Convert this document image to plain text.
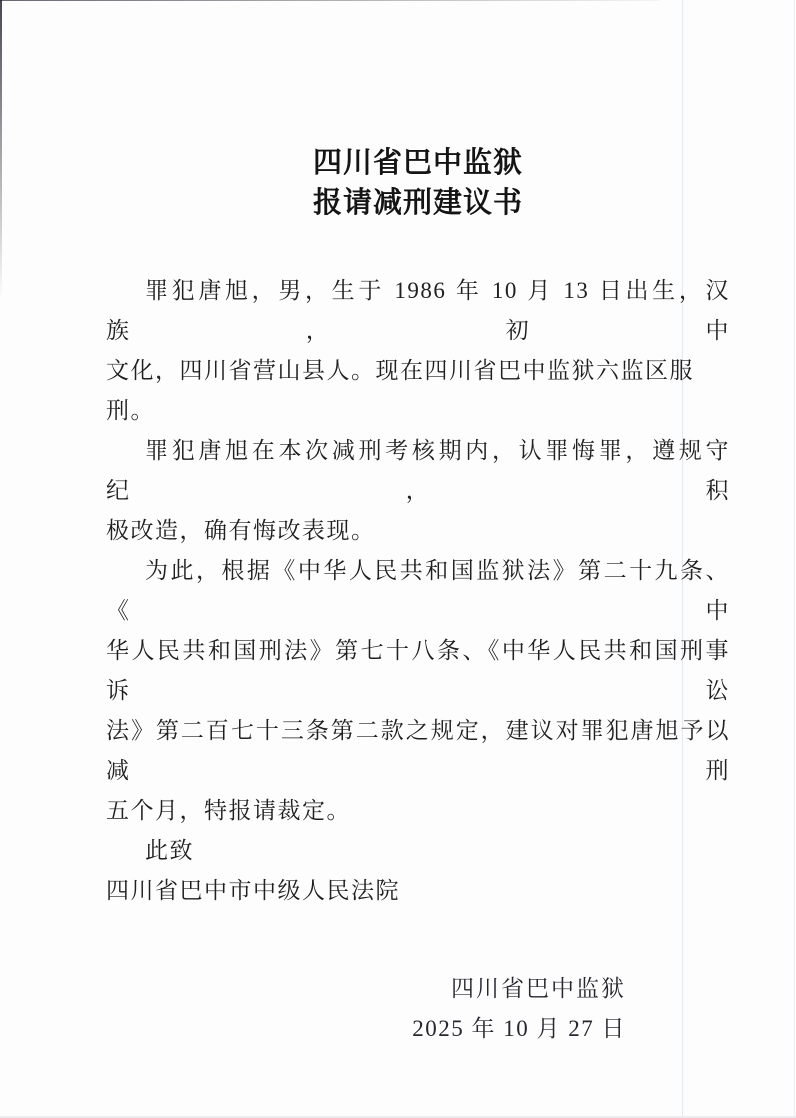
四川省巴中监狱
报请减刑建议书
罪犯唐旭，男，生于 1986 年 10 月 13 日出生，汉族，初中
文化，四川省营山县人。现在四川省巴中监狱六监区服刑。
罪犯唐旭在本次减刑考核期内，认罪悔罪，遵规守纪，积
极改造，确有悔改表现。
为此，根据《中华人民共和国监狱法》第二十九条、《中
华人民共和国刑法》第七十八条、《中华人民共和国刑事诉讼
法》第二百七十三条第二款之规定，建议对罪犯唐旭予以减刑
五个月，特报请裁定。
此致
四川省巴中市中级人民法院
四川省巴中监狱
2025 年 10 月 27 日
